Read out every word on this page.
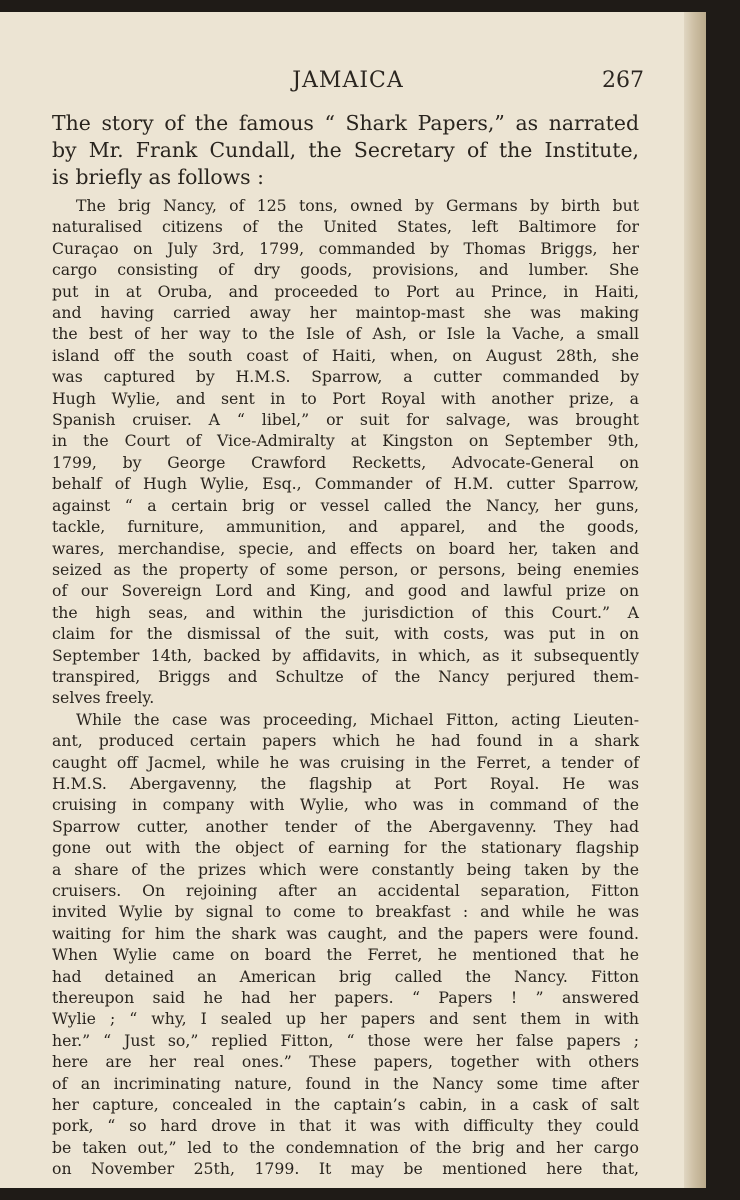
JAMAICA	267
The story of the famous “ Shark Papers,” as narrated
by Mr. Frank Cundall, the Secretary of the Institute,
is briefly as follows :
The brig Nancy, of 125 tons, owned by Germans by birth but
naturalised citizens of the United States, left Baltimore for
Curaçao on July 3rd, 1799, commanded by Thomas Briggs, her
cargo consisting of dry goods, provisions, and lumber. She
put in at Oruba, and proceeded to Port au Prince, in Haiti,
and having carried away her maintop-mast she was making
the best of her way to the Isle of Ash, or Isle la Vache, a small
island off the south coast of Haiti, when, on August 28th, she
was captured by H.M.S. Sparrow, a cutter commanded by
Hugh Wylie, and sent in to Port Royal with another prize, a
Spanish cruiser. A “ libel,” or suit for salvage, was brought
in the Court of Vice-Admiralty at Kingston on September 9th,
1799, by George Crawford Recketts, Advocate-General on
behalf of Hugh Wylie, Esq., Commander of H.M. cutter Sparrow,
against “ a certain brig or vessel called the Nancy, her guns,
tackle, furniture, ammunition, and apparel, and the goods,
wares, merchandise, specie, and effects on board her, taken and
seized as the property of some person, or persons, being enemies
of our Sovereign Lord and King, and good and lawful prize on
the high seas, and within the jurisdiction of this Court.” A
claim for the dismissal of the suit, with costs, was put in on
September 14th, backed by affidavits, in which, as it subsequently
transpired, Briggs and Schultze of the Nancy perjured them-
selves freely.
While the case was proceeding, Michael Fitton, acting Lieuten-
ant, produced certain papers which he had found in a shark
caught off Jacmel, while he was cruising in the Ferret, a tender of
H.M.S. Abergavenny, the flagship at Port Royal. He was
cruising in company with Wylie, who was in command of the
Sparrow cutter, another tender of the Abergavenny. They had
gone out with the object of earning for the stationary flagship
a share of the prizes which were constantly being taken by the
cruisers. On rejoining after an accidental separation, Fitton
invited Wylie by signal to come to breakfast : and while he was
waiting for him the shark was caught, and the papers were found.
When Wylie came on board the Ferret, he mentioned that he
had detained an American brig called the Nancy. Fitton
thereupon said he had her papers. “ Papers ! ” answered
Wylie ; “ why, I sealed up her papers and sent them in with
her.” “ Just so,” replied Fitton, “ those were her false papers ;
here are her real ones.” These papers, together with others
of an incriminating nature, found in the Nancy some time after
her capture, concealed in the captain’s cabin, in a cask of salt
pork, “ so hard drove in that it was with difficulty they could
be taken out,” led to the condemnation of the brig and her cargo
on November 25th, 1799. It may be mentioned here that,
